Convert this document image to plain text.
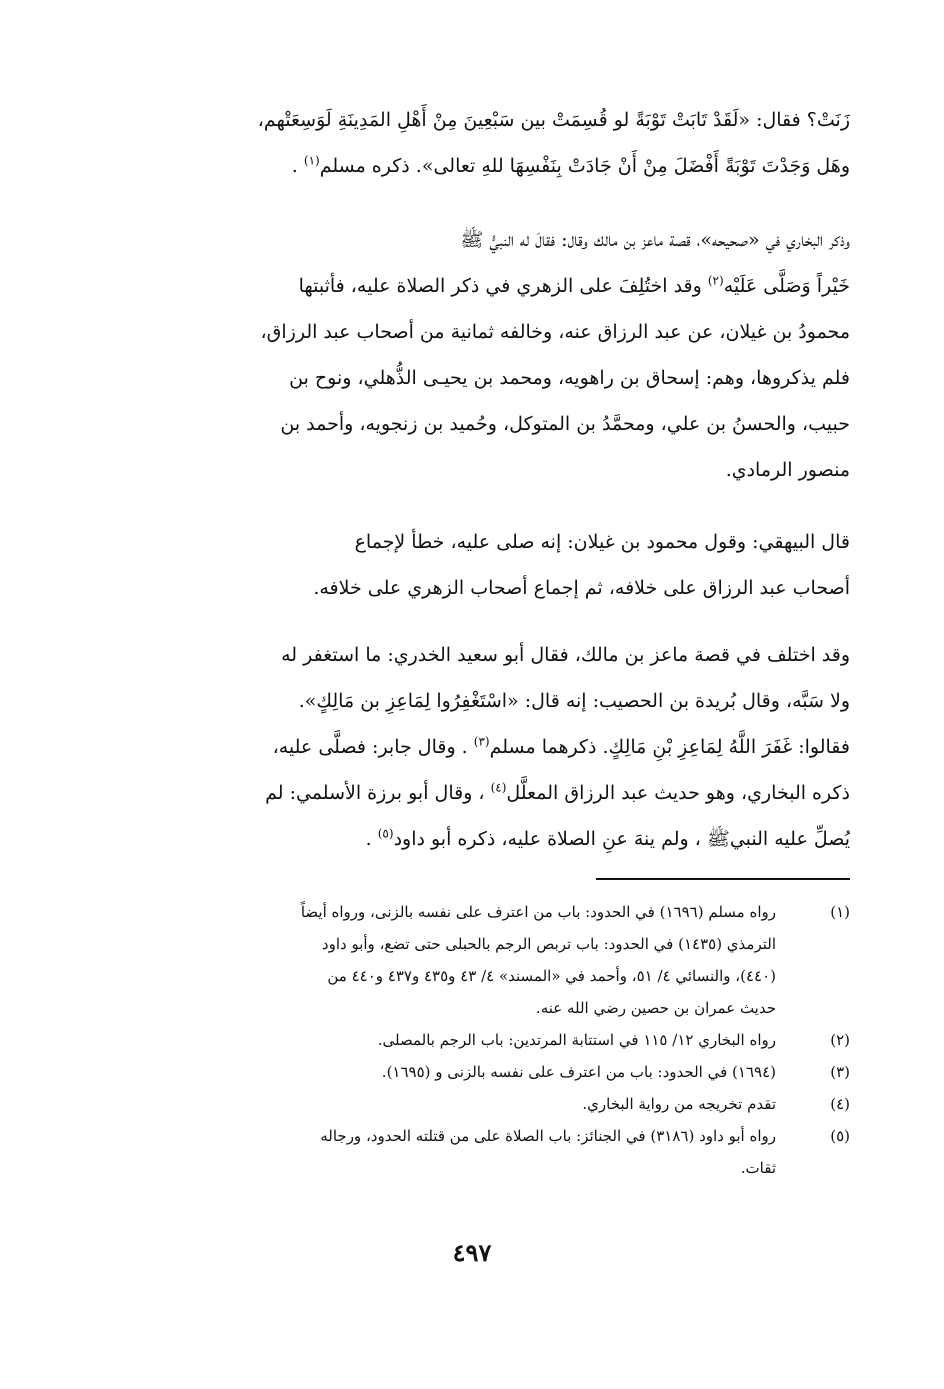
زَنَتْ؟ فقال: «لَقَدْ تَابَتْ تَوْبَةً لو قُسِمَتْ بين سَبْعِينَ مِنْ أَهْلِ المَدِينَةِ لَوَسِعَتْهم،
وهَل وَجَدْتَ تَوْبَةً أَفْضَلَ مِنْ أَنْ جَادَتْ بِنَفْسِهَا للهِ تعالى». ذكره مسلم$^{(١)}$ .
وذكر البخاري في «صحيحه»، قصة ماعز بن مالك وقال: فقالَ له النبيُّ ﷺ
خَيْراً وَصَلَّى عَلَيْه$^{(٢)}$ وقد اختُلِفَ على الزهري في ذكر الصلاة عليه، فأثبتها
محمودُ بن غيلان، عن عبد الرزاق عنه، وخالفه ثمانية من أصحاب عبد الرزاق،
فلم يذكروها، وهم: إسحاق بن راهويه، ومحمد بن يحيـى الذُّهلي، ونوح بن
حبيب، والحسنُ بن علي، ومحمَّدُ بن المتوكل، وحُميد بن زنجويه، وأحمد بن
منصور الرمادي.
قال البيهقي: وقول محمود بن غيلان: إنه صلى عليه، خطأ لإجماع
أصحاب عبد الرزاق على خلافه، ثم إجماع أصحاب الزهري على خلافه.
وقد اختلف في قصة ماعز بن مالك، فقال أبو سعيد الخدري: ما استغفر له
ولا سَبَّه، وقال بُريدة بن الحصيب: إنه قال: «اسْتَغْفِرُوا لِمَاعِزِ بن مَالِكٍ».
فقالوا: غَفَرَ اللَّهُ لِمَاعِزِ بْنِ مَالِكٍ. ذكرهما مسلم$^{(٣)}$ . وقال جابر: فصلَّى عليه،
ذكره البخاري، وهو حديث عبد الرزاق المعلَّل$^{(٤)}$ ، وقال أبو برزة الأسلمي: لم
يُصلِّ عليه النبيﷺ ، ولم ينهَ عنِ الصلاة عليه، ذكره أبو داود$^{(٥)}$ .
(١)
رواه مسلم (١٦٩٦) في الحدود: باب من اعترف على نفسه بالزنى، ورواه أيضاً
الترمذي (١٤٣٥) في الحدود: باب تربص الرجم بالحبلى حتى تضع، وأبو داود
(٤٤٠)، والنسائي ٤/ ٥١، وأحمد في «المسند» ٤/ ٤٣ و٤٣٥ و٤٣٧ و٤٤٠ من
حديث عمران بن حصين رضي الله عنه.
(٢)
رواه البخاري ١٢/ ١١٥ في استتابة المرتدين: باب الرجم بالمصلى.
(٣)
(١٦٩٤) في الحدود: باب من اعترف على نفسه بالزنى و (١٦٩٥).
(٤)
تقدم تخريجه من رواية البخاري.
(٥)
رواه أبو داود (٣١٨٦) في الجنائز: باب الصلاة على من قتلته الحدود، ورجاله
ثقات.
٤٩٧
